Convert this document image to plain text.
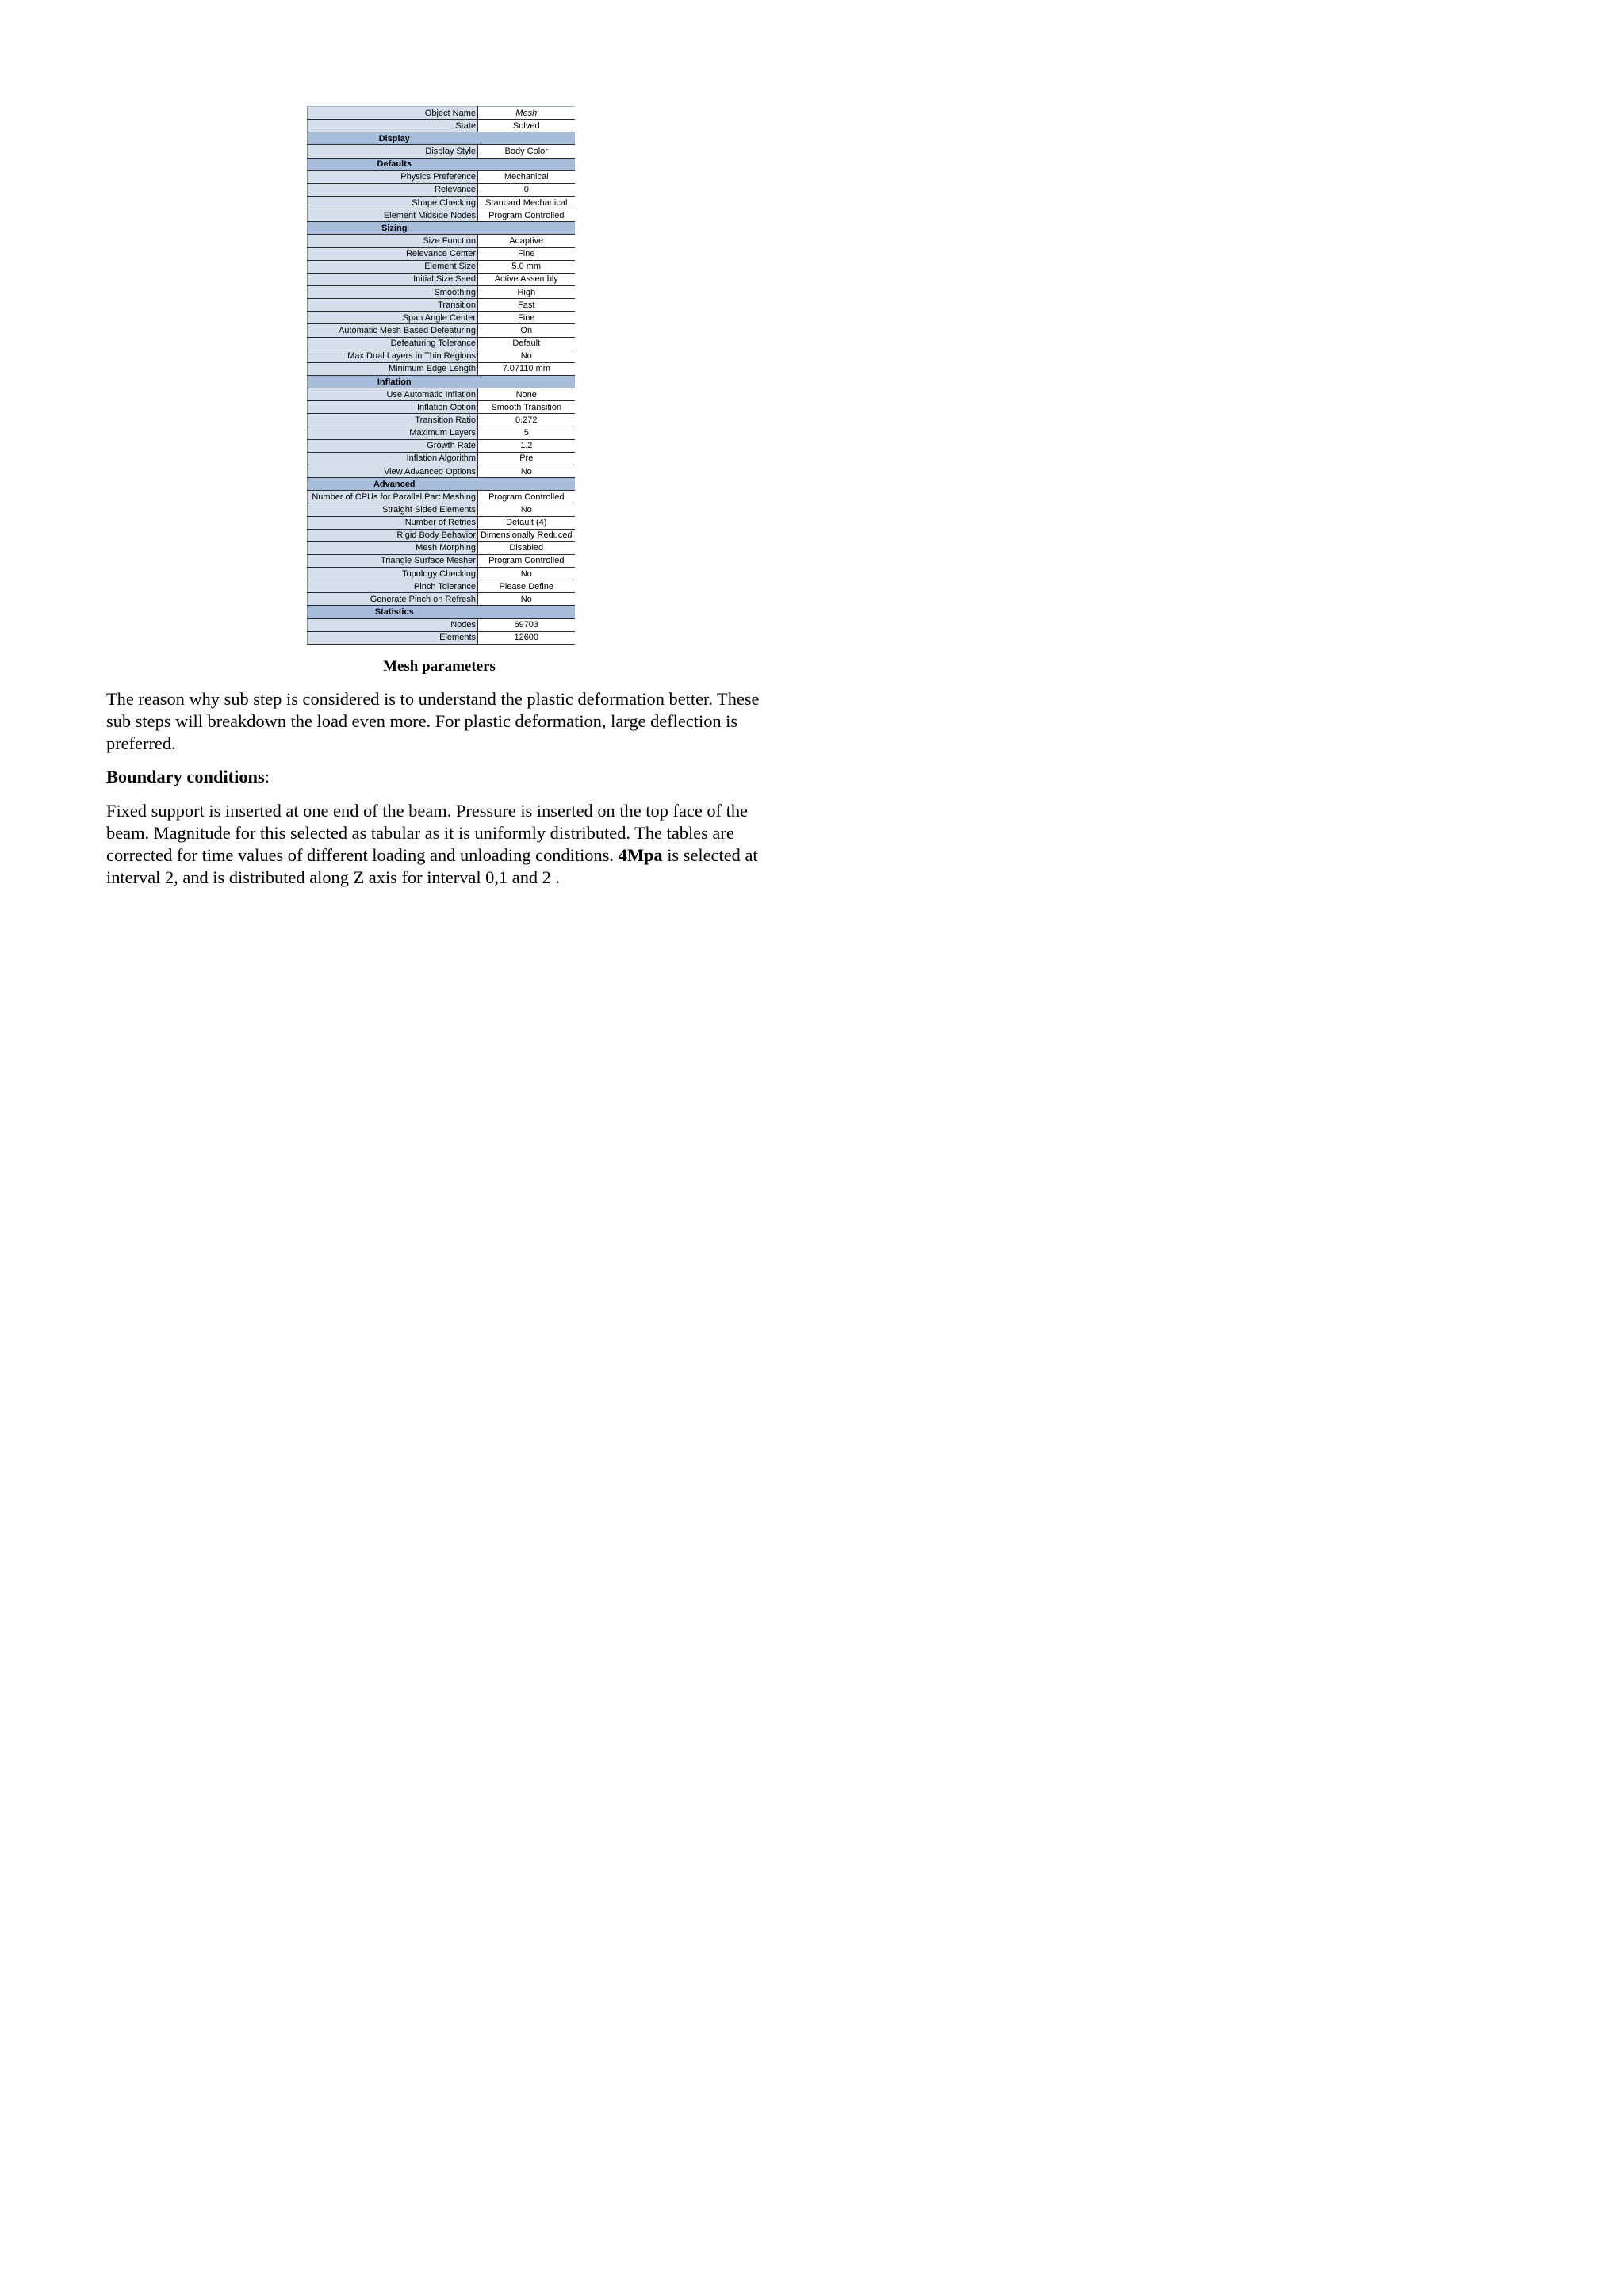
Object Name	Mesh
State	Solved
Display	
Display Style	Body Color
Defaults	
Physics Preference	Mechanical
Relevance	0
Shape Checking	Standard Mechanical
Element Midside Nodes	Program Controlled
Sizing	
Size Function	Adaptive
Relevance Center	Fine
Element Size	5.0 mm
Initial Size Seed	Active Assembly
Smoothing	High
Transition	Fast
Span Angle Center	Fine
Automatic Mesh Based Defeaturing	On
Defeaturing Tolerance	Default
Max Dual Layers in Thin Regions	No
Minimum Edge Length	7.07110 mm
Inflation	
Use Automatic Inflation	None
Inflation Option	Smooth Transition
Transition Ratio	0.272
Maximum Layers	5
Growth Rate	1.2
Inflation Algorithm	Pre
View Advanced Options	No
Advanced	
Number of CPUs for Parallel Part Meshing	Program Controlled
Straight Sided Elements	No
Number of Retries	Default (4)
Rigid Body Behavior	Dimensionally Reduced
Mesh Morphing	Disabled
Triangle Surface Mesher	Program Controlled
Topology Checking	No
Pinch Tolerance	Please Define
Generate Pinch on Refresh	No
Statistics	
Nodes	69703
Elements	12600
Mesh parameters

The reason why sub step is considered is to understand the plastic deformation better. These sub steps will breakdown the load even more. For plastic deformation, large deflection is preferred.

Boundary conditions:

Fixed support is inserted at one end of the beam. Pressure is inserted on the top face of the beam. Magnitude for this selected as tabular as it is uniformly distributed. The tables are corrected for time values of different loading and unloading conditions. 4Mpa is selected at interval 2, and is distributed along Z axis for interval 0,1 and 2 .
